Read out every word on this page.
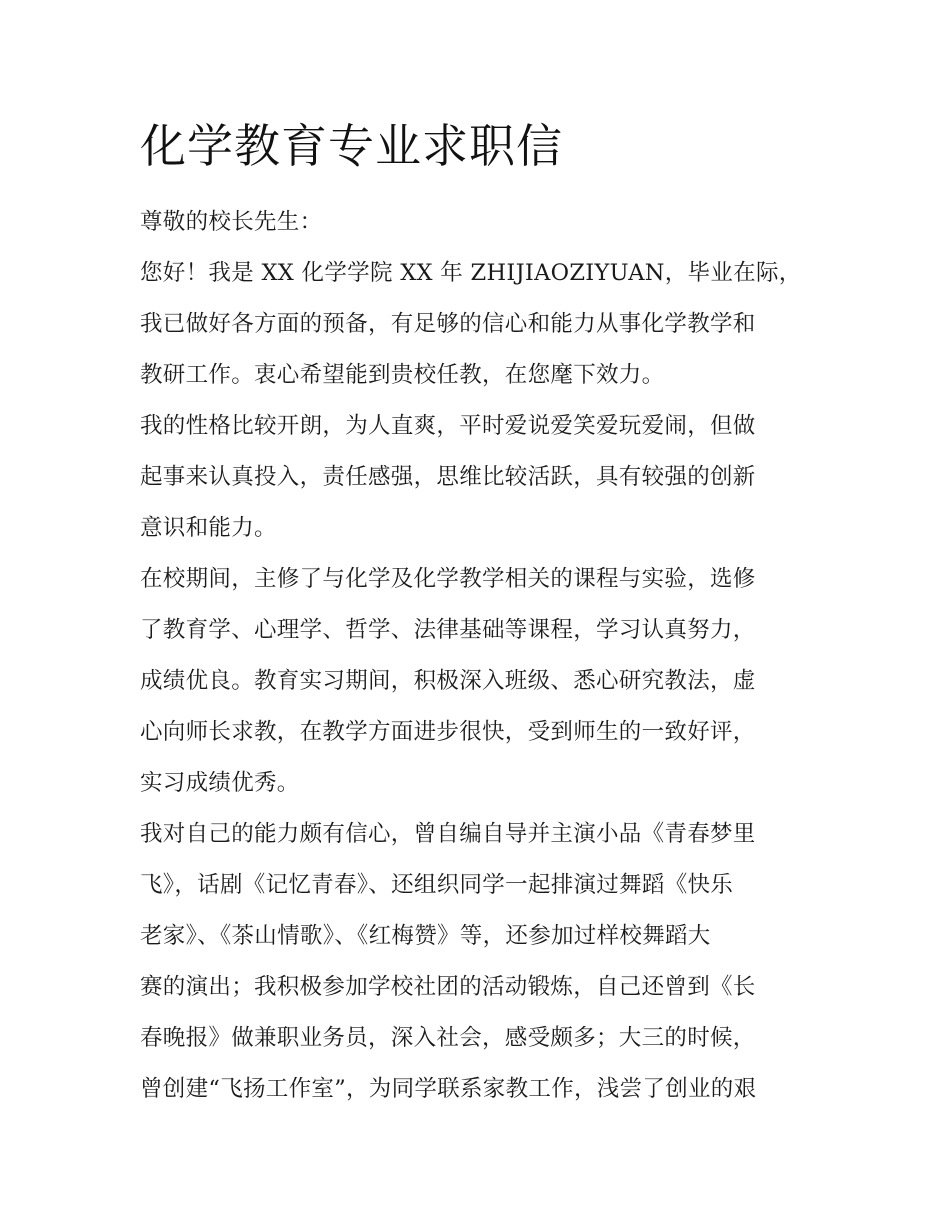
化学教育专业求职信
尊敬的校长先生：
您好！我是 XX 化学学院 XX 年 ZHIJIAOZIYUAN，毕业在际，
我已做好各方面的预备，有足够的信心和能力从事化学教学和
教研工作。衷心希望能到贵校任教，在您麾下效力。
我的性格比较开朗，为人直爽，平时爱说爱笑爱玩爱闹，但做
起事来认真投入，责任感强，思维比较活跃，具有较强的创新
意识和能力。
在校期间，主修了与化学及化学教学相关的课程与实验，选修
了教育学、心理学、哲学、法律基础等课程，学习认真努力，
成绩优良。教育实习期间，积极深入班级、悉心研究教法，虚
心向师长求教，在教学方面进步很快，受到师生的一致好评，
实习成绩优秀。
我对自己的能力颇有信心，曾自编自导并主演小品《青春梦里
飞》，话剧《记忆青春》、还组织同学一起排演过舞蹈《快乐
老家》、《茶山情歌》、《红梅赞》等，还参加过样校舞蹈大
赛的演出；我积极参加学校社团的活动锻炼，自己还曾到《长
春晚报》做兼职业务员，深入社会，感受颇多；大三的时候，
曾创建“飞扬工作室”，为同学联系家教工作，浅尝了创业的艰
